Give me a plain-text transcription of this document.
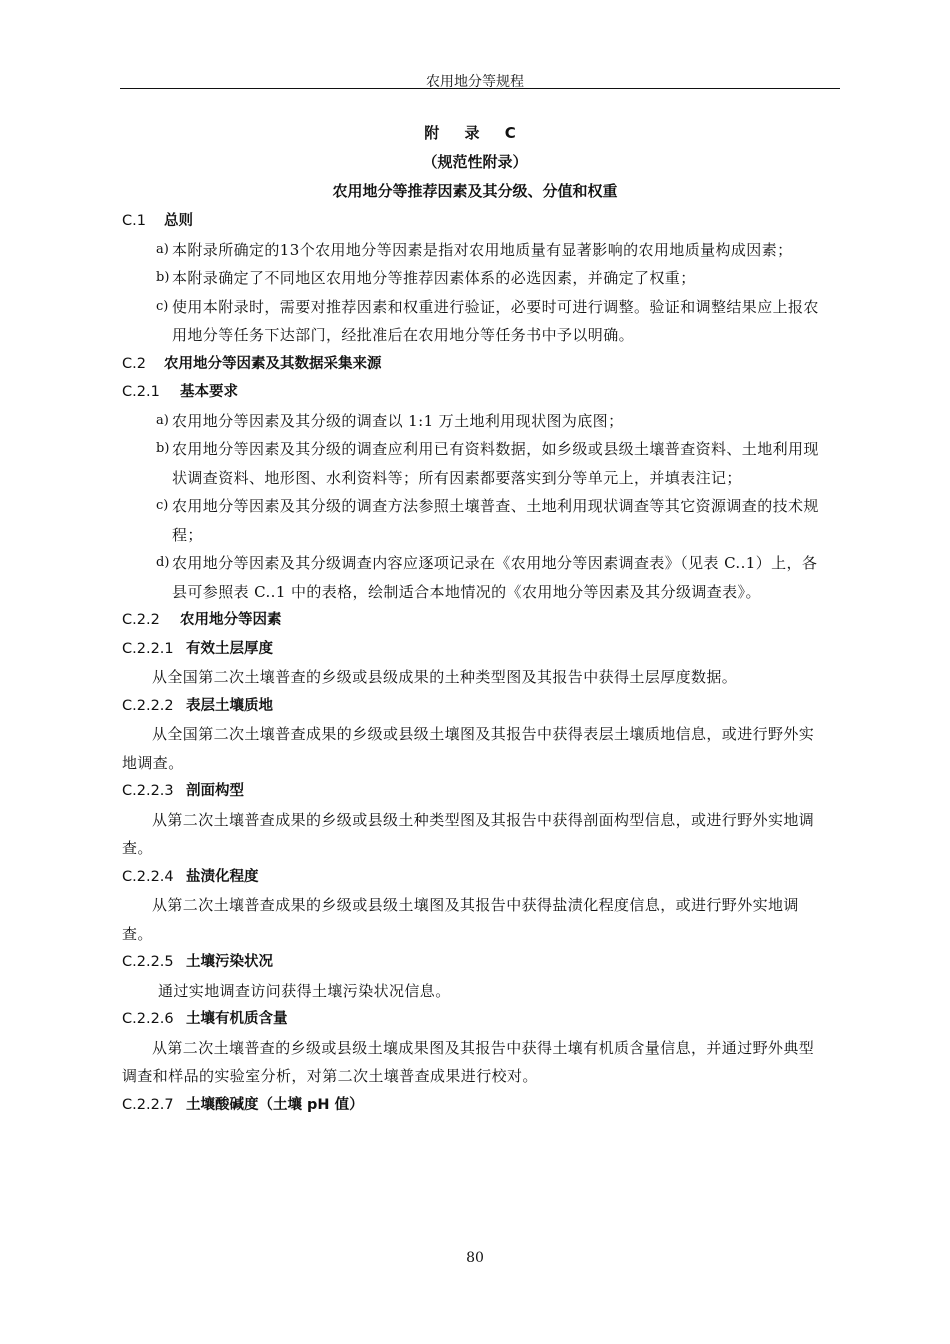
农用地分等规程
附 录 C
（规范性附录）
农用地分等推荐因素及其分级、分值和权重
C.1 总则
a ) 本附录所确定的13个农用地分等因素是指对农用地质量有显著影响的农用地质量构成因素；
b ) 本附录确定了不同地区农用地分等推荐因素体系的必选因素，并确定了权重；
c ) 使用本附录时，需要对推荐因素和权重进行验证，必要时可进行调整。验证和调整结果应上报农用地分等任务下达部门，经批准后在农用地分等任务书中予以明确。
C.2 农用地分等因素及其数据采集来源
C.2.1 基本要求
a ) 农用地分等因素及其分级的调查以 1:1 万土地利用现状图为底图；
b ) 农用地分等因素及其分级的调查应利用已有资料数据，如乡级或县级土壤普查资料、土地利用现状调查资料、地形图、水利资料等；所有因素都要落实到分等单元上，并填表注记；
c ) 农用地分等因素及其分级的调查方法参照土壤普查、土地利用现状调查等其它资源调查的技术规程；
d ) 农用地分等因素及其分级调查内容应逐项记录在《农用地分等因素调查表》（见表 C..1）上，各县可参照表 C..1 中的表格，绘制适合本地情况的《农用地分等因素及其分级调查表》。
C.2.2 农用地分等因素
C.2.2.1 有效土层厚度
从全国第二次土壤普查的乡级或县级成果的土种类型图及其报告中获得土层厚度数据。
C.2.2.2 表层土壤质地
从全国第二次土壤普查成果的乡级或县级土壤图及其报告中获得表层土壤质地信息，或进行野外实地调查。
C.2.2.3 剖面构型
从第二次土壤普查成果的乡级或县级土种类型图及其报告中获得剖面构型信息，或进行野外实地调查。
C.2.2.4 盐渍化程度
从第二次土壤普查成果的乡级或县级土壤图及其报告中获得盐渍化程度信息，或进行野外实地调查。
C.2.2.5 土壤污染状况
通过实地调查访问获得土壤污染状况信息。
C.2.2.6 土壤有机质含量
从第二次土壤普查的乡级或县级土壤成果图及其报告中获得土壤有机质含量信息，并通过野外典型调查和样品的实验室分析，对第二次土壤普查成果进行校对。
C.2.2.7 土壤酸碱度（土壤 pH 值）
80
